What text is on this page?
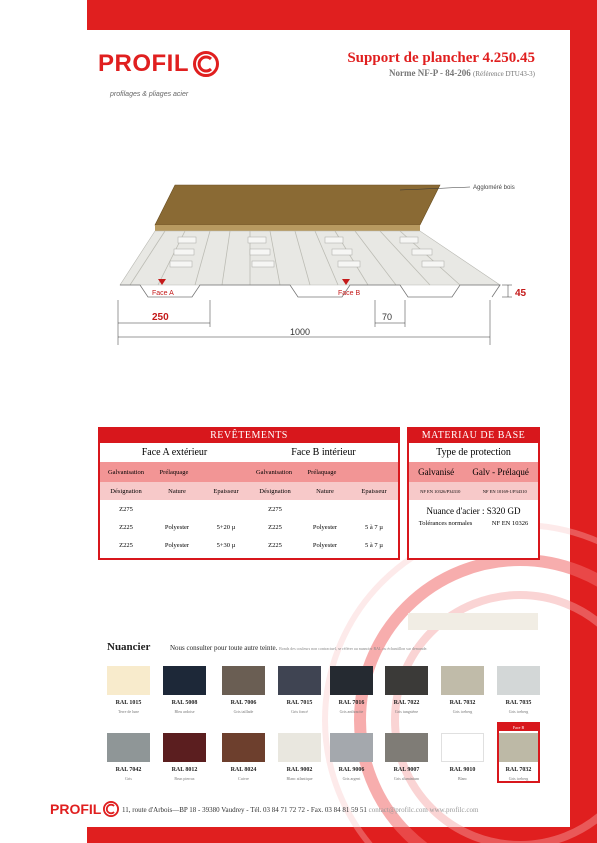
PROFIL
profilages & pliages acier
Support de plancher 4.250.45
Norme NF-P - 84-206 (Référence DTU43-3)
Face A	Face B
Aggloméré bois
250
1000
70
45
REVÊTEMENTS
Face A extérieur	Face B intérieur
Galvanisation	Prélaquage	Galvanisation	Prélaquage
Désignation	Nature	Epaisseur	Désignation	Nature	Epaisseur
Z275	Z275
Z225	Polyester	5+20 µ	Z225	Polyester	5 à 7 µ
Z225	Polyester	5+30 µ	Z225	Polyester	5 à 7 µ
MATERIAU DE BASE
Type de protection
Galvanisé Galv - Prélaqué
NF EN 10326/P34310	NF EN 10169-1/P34310
Nuance d'acier : S320 GD
Tolérances normales	NF EN 10326
Nuancier	Nous consulter pour toute autre teinte. Bonds des couleurs non contractuel, se référer au nuancier RAL ou échantillon sur demande.
RAL 1015
Terre de lune
RAL 5008
Bleu ardoise
RAL 7006
Gris taillade
RAL 7015
Gris foncé
RAL 7016
Gris anthracite
RAL 7022
Gris tungstène
RAL 7032
Gris iceberg
RAL 7035
Gris iceberg
RAL 7042
Gris
RAL 8012
Brun pierrax
RAL 8024
Cuivre
RAL 9002
Blanc atlantique
RAL 9006
Gris argent
RAL 9007
Gris aluminium
RAL 9010
Blanc
Face B
RAL 7032
Gris iceberg
PROFIL	11, route d'Arbois—BP 18 - 39380 Vaudrey - Tél. 03 84 71 72 72 - Fax. 03 84 81 59 51 contact@profilc.com www.profilc.com
